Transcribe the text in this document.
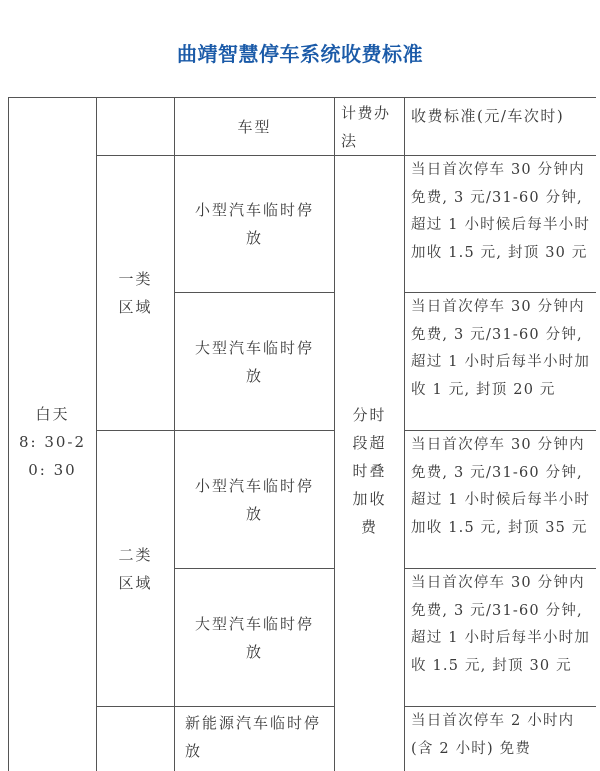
曲靖智慧停车系统收费标准
白天
8: 30-20: 30		车型	计费办法	收费标准(元/车次时)
	一类区域	小型汽车临时停放	分时段超时叠加收费	当日首次停车 30 分钟内免费, 3 元/31-60 分钟, 超过 1 小时候后每半小时加收 1.5 元, 封顶 30 元
		大型汽车临时停放		当日首次停车 30 分钟内免费, 3 元/31-60 分钟, 超过 1 小时后每半小时加收 1 元, 封顶 20 元
	二类区域	小型汽车临时停放		当日首次停车 30 分钟内免费, 3 元/31-60 分钟, 超过 1 小时候后每半小时加收 1.5 元, 封顶 35 元
		大型汽车临时停放		当日首次停车 30 分钟内免费, 3 元/31-60 分钟, 超过 1 小时后每半小时加收 1.5 元, 封顶 30 元
		新能源汽车临时停放		当日首次停车 2 小时内 (含 2 小时) 免费
